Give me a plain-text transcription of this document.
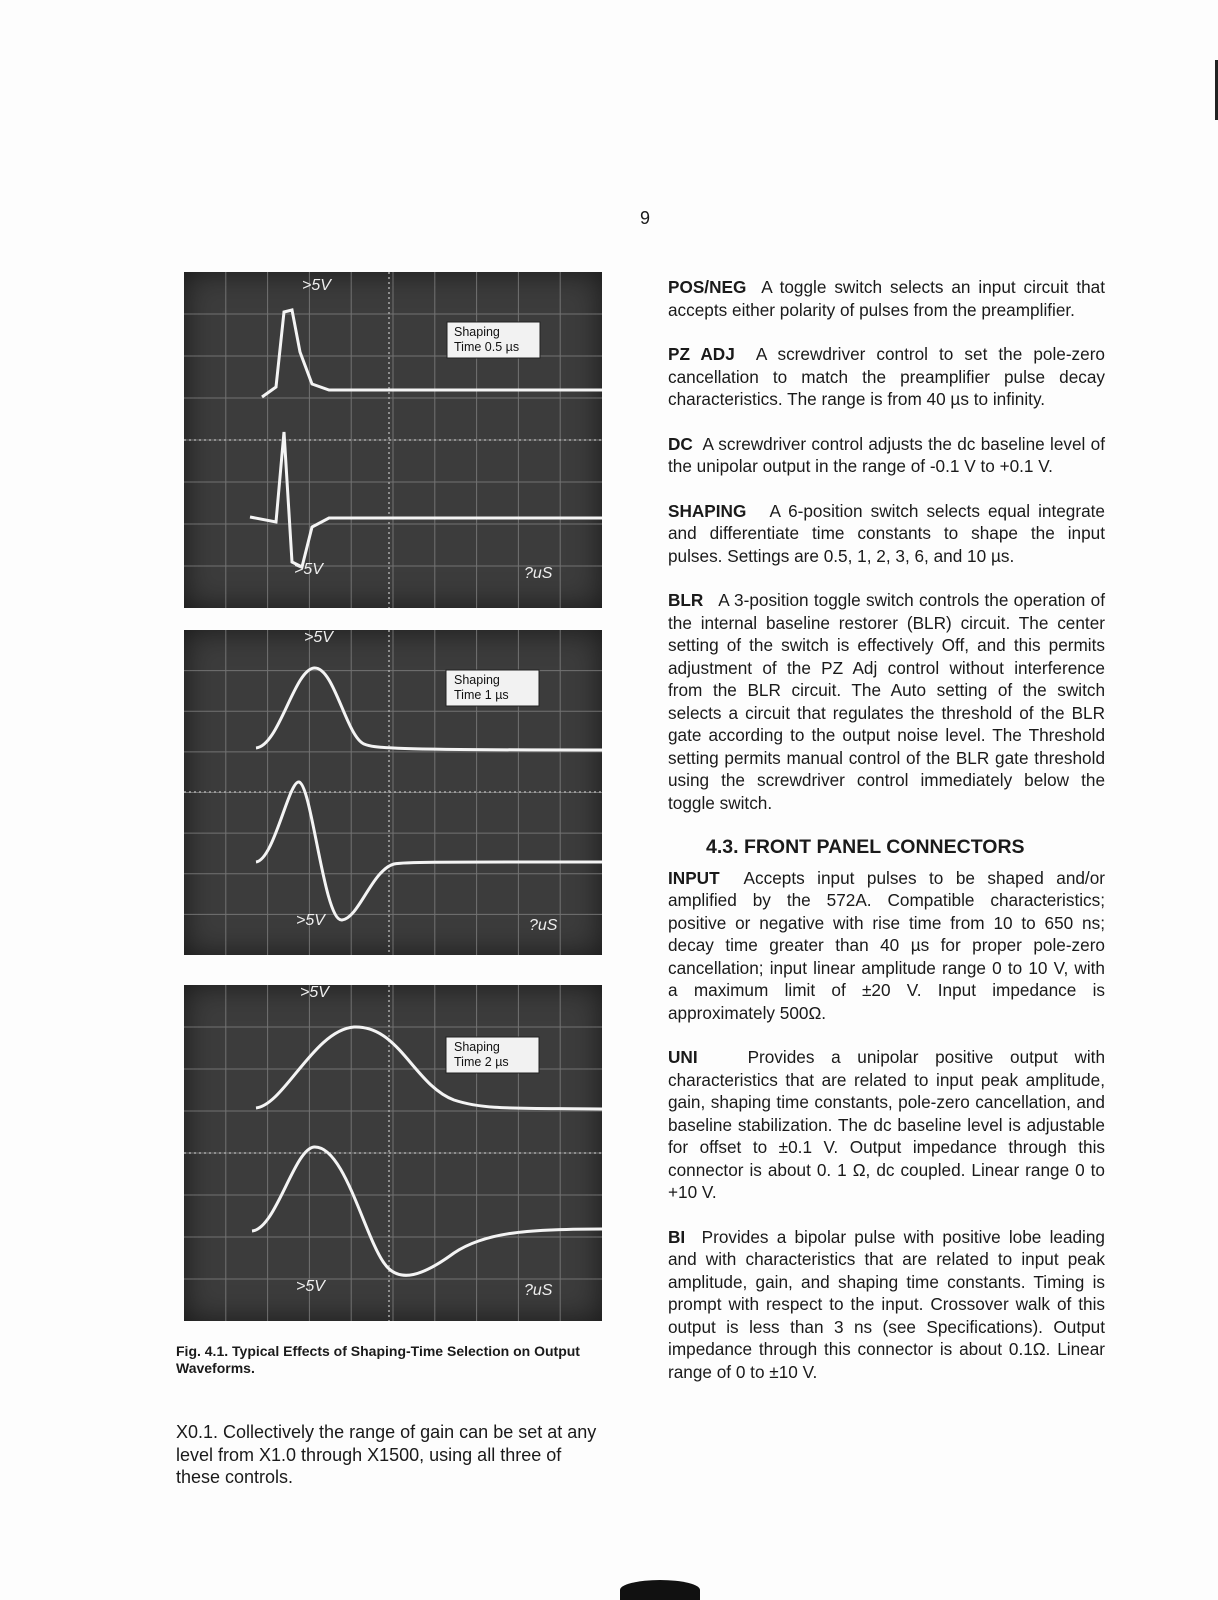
9
Shaping
Time 0.5 µs
>5V
>5V	?uS
Shaping
Time 1 µs
>5V
>5V	?uS
Shaping
Time 2 µs
>5V
>5V	?uS
Fig. 4.1. Typical Effects of Shaping-Time Selection on Output Waveforms.
X0.1. Collectively the range of gain can be set at any level from X1.0 through X1500, using all three of these controls.

POS/NEG A toggle switch selects an input circuit that accepts either polarity of pulses from the preamplifier.

PZ ADJ A screwdriver control to set the pole-zero cancellation to match the preamplifier pulse decay characteristics. The range is from 40 µs to infinity.

DC A screwdriver control adjusts the dc baseline level of the unipolar output in the range of -0.1 V to +0.1 V.

SHAPING A 6-position switch selects equal integrate and differentiate time constants to shape the input pulses. Settings are 0.5, 1, 2, 3, 6, and 10 µs.

BLR A 3-position toggle switch controls the operation of the internal baseline restorer (BLR) circuit. The center setting of the switch is effectively Off, and this permits adjustment of the PZ Adj control without interference from the BLR circuit. The Auto setting of the switch selects a circuit that regulates the threshold of the BLR gate according to the output noise level. The Threshold setting permits manual control of the BLR gate threshold using the screwdriver control immediately below the toggle switch.

4.3. FRONT PANEL CONNECTORS

INPUT Accepts input pulses to be shaped and/or amplified by the 572A. Compatible characteristics; positive or negative with rise time from 10 to 650 ns; decay time greater than 40 µs for proper pole-zero cancellation; input linear amplitude range 0 to 10 V, with a maximum limit of ±20 V. Input impedance is approximately 500Ω.

UNI	Provides a unipolar positive output with characteristics that are related to input peak amplitude, gain, shaping time constants, pole-zero cancellation, and baseline stabilization. The dc baseline level is adjustable for offset to ±0.1 V. Output impedance through this connector is about 0. 1 Ω, dc coupled. Linear range 0 to +10 V.

BI Provides a bipolar pulse with positive lobe leading and with characteristics that are related to input peak amplitude, gain, and shaping time constants. Timing is prompt with respect to the input. Crossover walk of this output is less than 3 ns (see Specifications). Output impedance through this connector is about 0.1Ω. Linear range of 0 to ±10 V.
